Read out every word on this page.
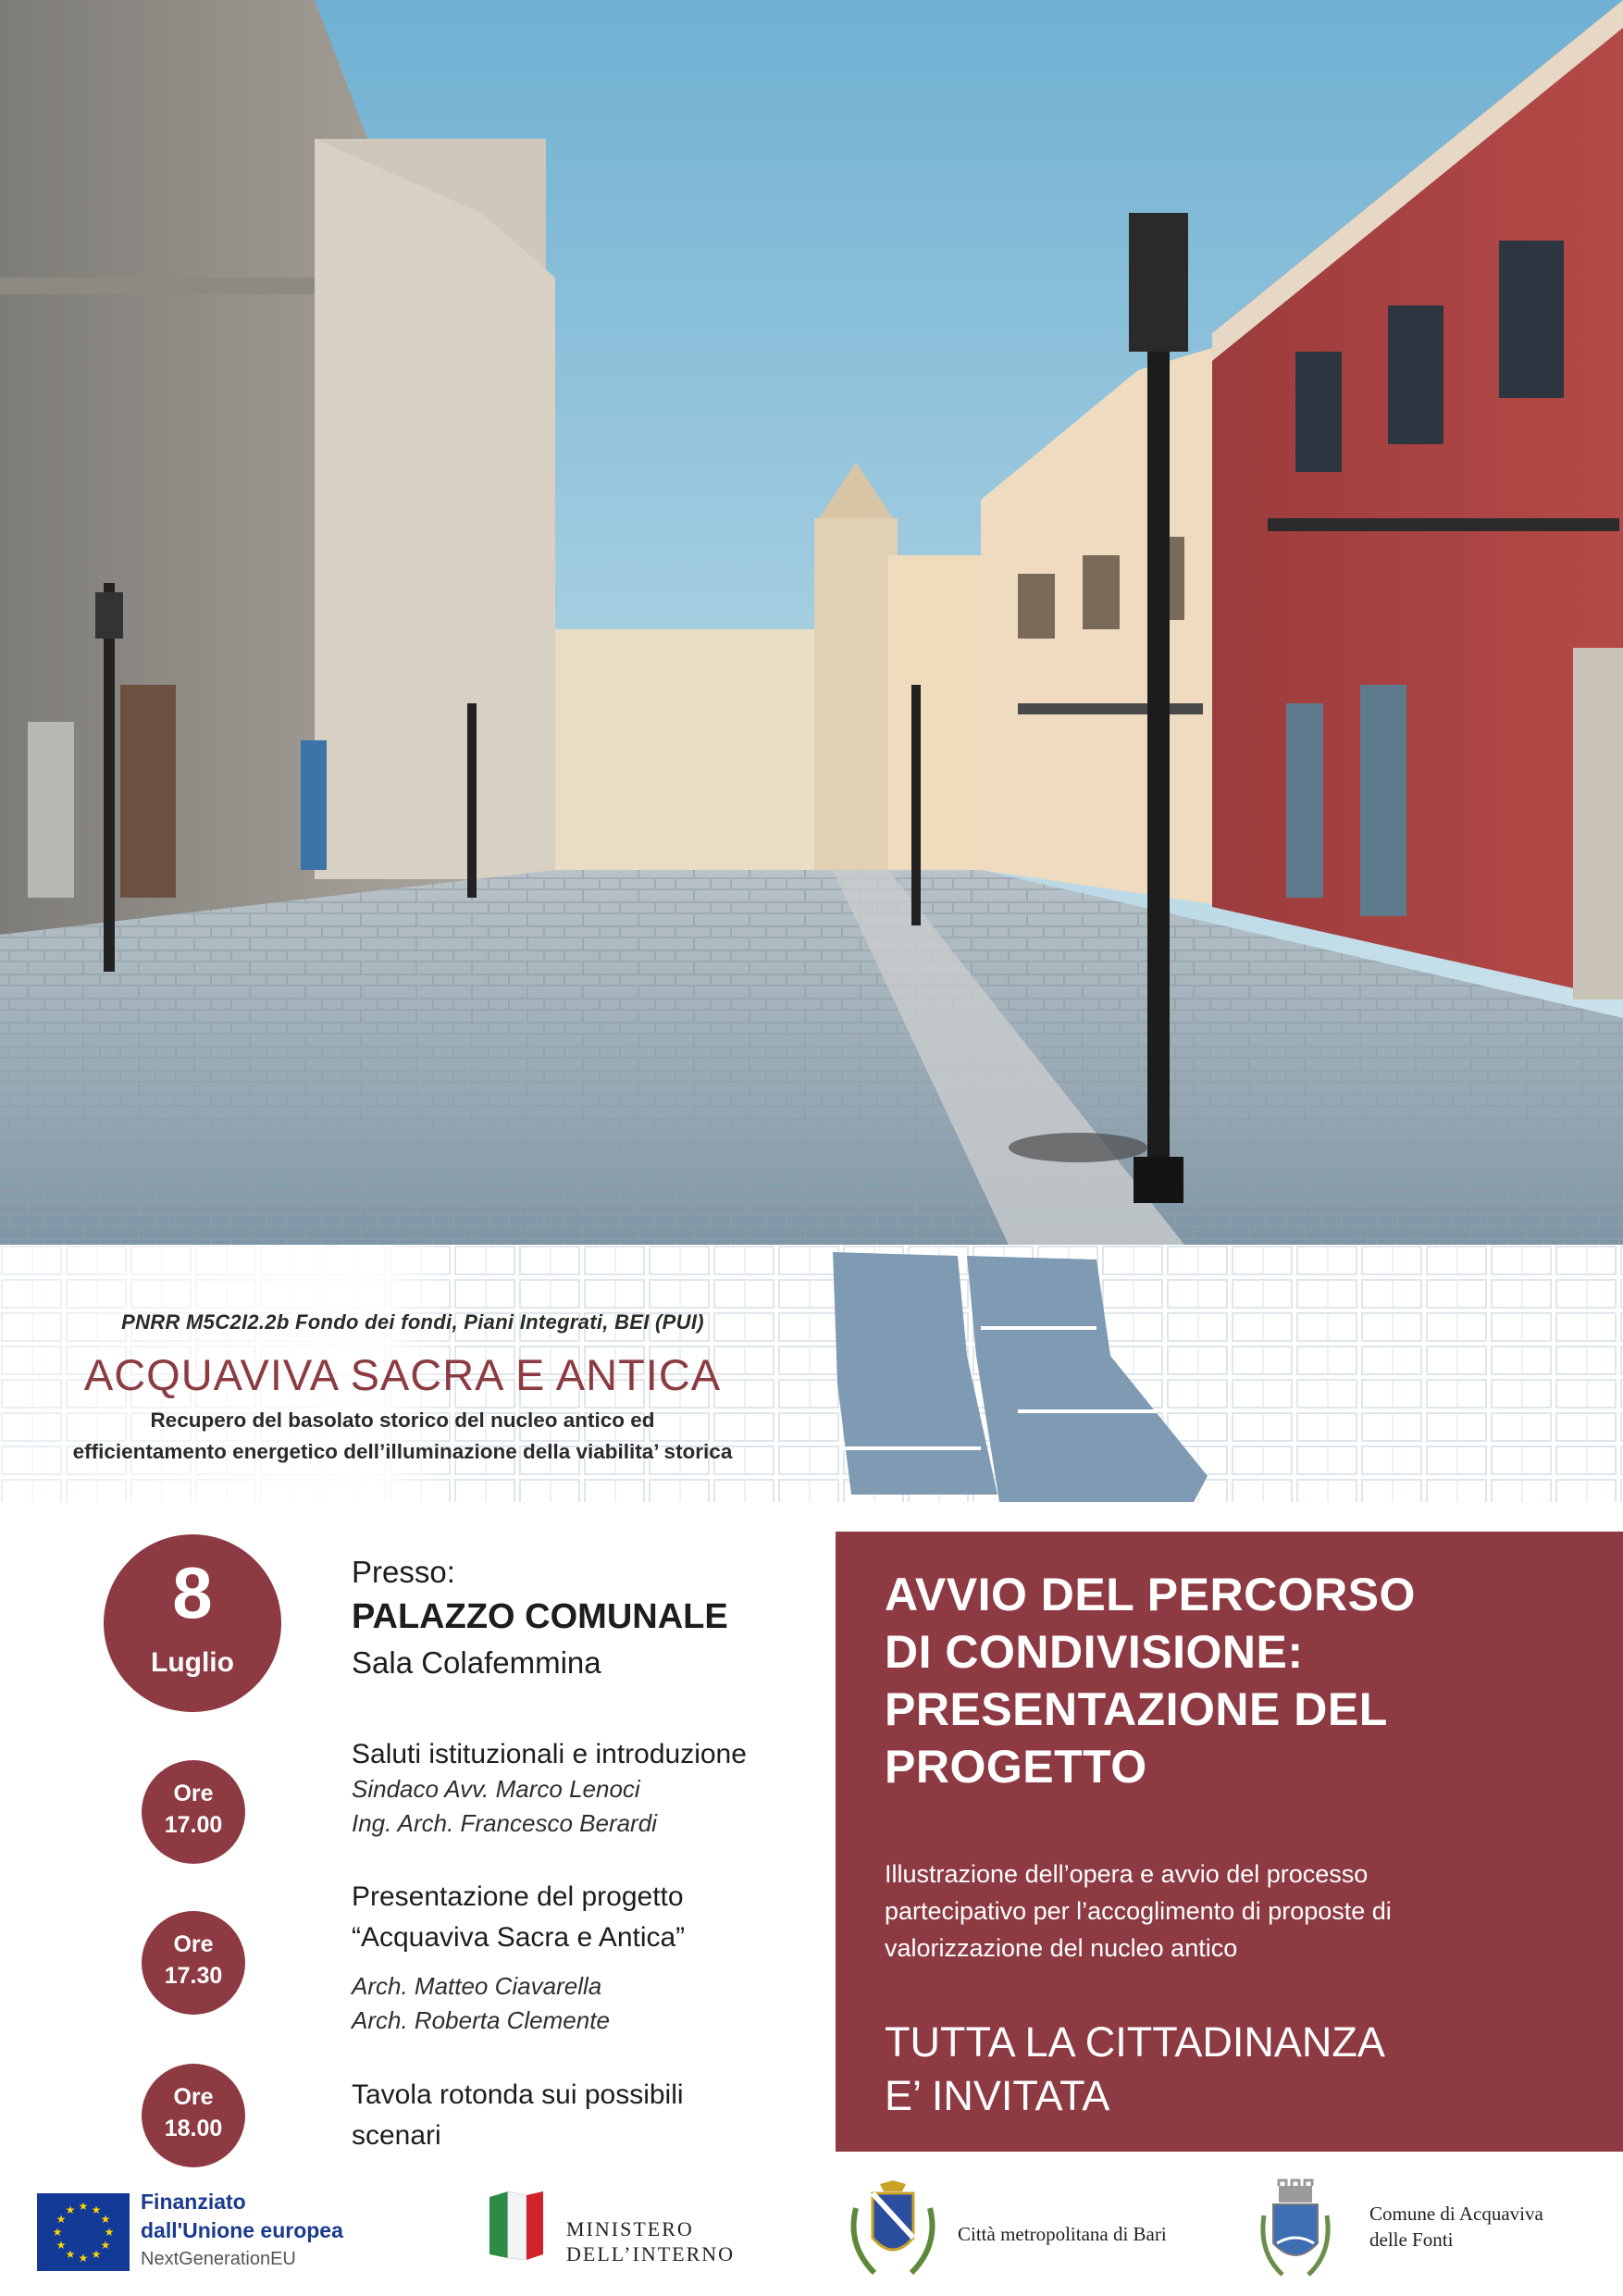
PNRR M5C2I2.2b Fondo dei fondi, Piani Integrati, BEI (PUI)
ACQUAVIVA SACRA E ANTICA
Recupero del basolato storico del nucleo antico ed
efficientamento energetico dell’illuminazione della viabilita’ storica
8
Luglio
Presso:
PALAZZO COMUNALE
Sala Colafemmina
Ore
17.00
Saluti istituzionali e introduzione
Sindaco Avv. Marco Lenoci
Ing. Arch. Francesco Berardi
Ore
17.30
Presentazione del progetto
“Acquaviva Sacra e Antica”
Arch. Matteo Ciavarella
Arch. Roberta Clemente
Ore
18.00
Tavola rotonda sui possibili
scenari
AVVIO DEL PERCORSO
DI CONDIVISIONE:
PRESENTAZIONE DEL
PROGETTO
Illustrazione dell’opera e avvio del processo
partecipativo per l’accoglimento di proposte di
valorizzazione del nucleo antico
TUTTA LA CITTADINANZA
E’ INVITATA
★ ★
★
★
★
★
★
★
★
★
★
★	Finanziato
dall'Unione europea
NextGenerationEU
MINISTERO
DELL’INTERNO
Città metropolitana di Bari
Comune di Acquaviva
delle Fonti
